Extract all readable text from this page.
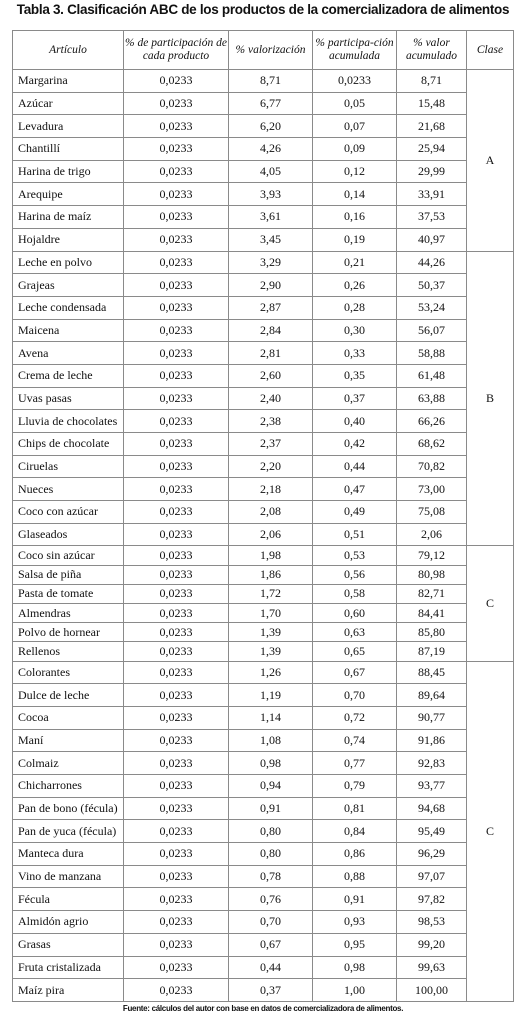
Tabla 3. Clasificación ABC de los productos de la comercializadora de alimentos
Artículo	% de participación de cada producto	% valorización	% participa-ción acumulada	% valor acumulado	Clase
Margarina	0,0233	8,71	0,0233	8,71	A
Azúcar	0,0233	6,77	0,05	15,48	
Levadura	0,0233	6,20	0,07	21,68	
Chantillí	0,0233	4,26	0,09	25,94	
Harina de trigo	0,0233	4,05	0,12	29,99	
Arequipe	0,0233	3,93	0,14	33,91	
Harina de maíz	0,0233	3,61	0,16	37,53	
Hojaldre	0,0233	3,45	0,19	40,97	
Leche en polvo	0,0233	3,29	0,21	44,26	B
Grajeas	0,0233	2,90	0,26	50,37	
Leche condensada	0,0233	2,87	0,28	53,24	
Maicena	0,0233	2,84	0,30	56,07	
Avena	0,0233	2,81	0,33	58,88	
Crema de leche	0,0233	2,60	0,35	61,48	
Uvas pasas	0,0233	2,40	0,37	63,88	
Lluvia de chocolates	0,0233	2,38	0,40	66,26	
Chips de chocolate	0,0233	2,37	0,42	68,62	
Ciruelas	0,0233	2,20	0,44	70,82	
Nueces	0,0233	2,18	0,47	73,00	
Coco con azúcar	0,0233	2,08	0,49	75,08	
Glaseados	0,0233	2,06	0,51	2,06	
Coco sin azúcar	0,0233	1,98	0,53	79,12	C
Salsa de piña	0,0233	1,86	0,56	80,98	
Pasta de tomate	0,0233	1,72	0,58	82,71	
Almendras	0,0233	1,70	0,60	84,41	
Polvo de hornear	0,0233	1,39	0,63	85,80	
Rellenos	0,0233	1,39	0,65	87,19	
Colorantes	0,0233	1,26	0,67	88,45	C
Dulce de leche	0,0233	1,19	0,70	89,64	
Cocoa	0,0233	1,14	0,72	90,77	
Maní	0,0233	1,08	0,74	91,86	
Colmaiz	0,0233	0,98	0,77	92,83	
Chicharrones	0,0233	0,94	0,79	93,77	
Pan de bono (fécula)	0,0233	0,91	0,81	94,68	
Pan de yuca (fécula)	0,0233	0,80	0,84	95,49	
Manteca dura	0,0233	0,80	0,86	96,29	
Vino de manzana	0,0233	0,78	0,88	97,07	
Fécula	0,0233	0,76	0,91	97,82	
Almidón agrio	0,0233	0,70	0,93	98,53	
Grasas	0,0233	0,67	0,95	99,20	
Fruta cristalizada	0,0233	0,44	0,98	99,63	
Maíz pira	0,0233	0,37	1,00	100,00	
Fuente: cálculos del autor con base en datos de comercializadora de alimentos.
